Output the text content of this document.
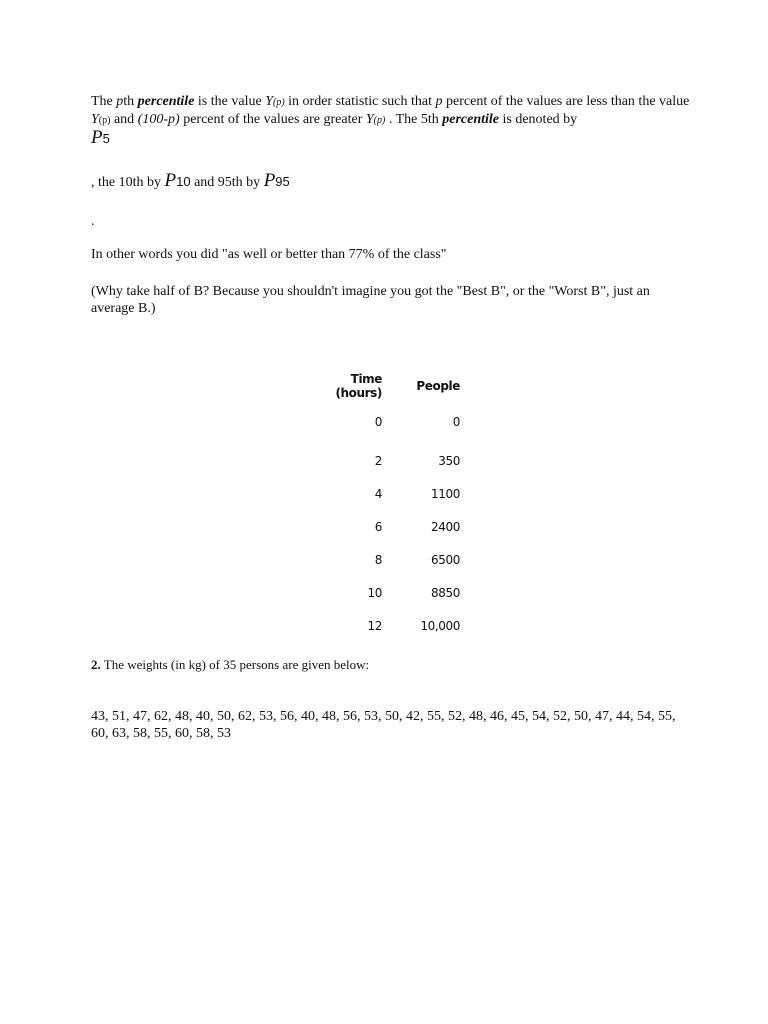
The pth percentile is the value Y(p) in order statistic such that p percent of the values are less than the value Y(p) and (100-p) percent of the values are greater Y(p) . The 5th percentile is denoted by
P5

, the 10th by P10 and 95th by P95

.

In other words you did "as well or better than 77% of the class"

(Why take half of B? Because you shouldn't imagine you got the "Best B", or the "Worst B", just an average B.)

Time (hours)	People
0	0
2	350
4	1100
6	2400
8	6500
10	8850
12	10,000

2. The weights (in kg) of 35 persons are given below:

43, 51, 47, 62, 48, 40, 50, 62, 53, 56, 40, 48, 56, 53, 50, 42, 55, 52, 48, 46, 45, 54, 52, 50, 47, 44, 54, 55, 60, 63, 58, 55, 60, 58, 53
